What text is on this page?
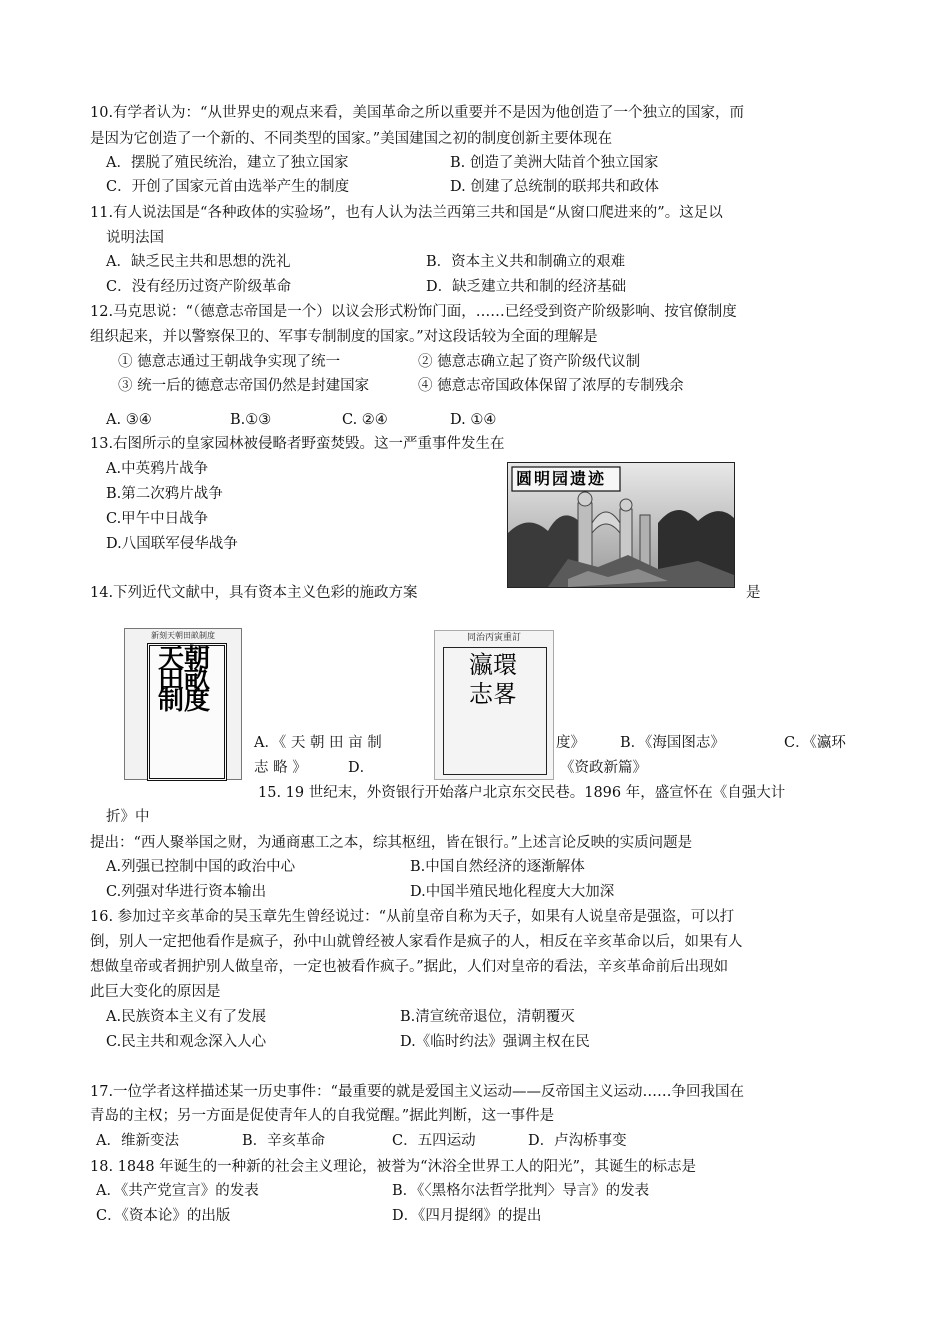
10.有学者认为：“从世界史的观点来看，美国革命之所以重要并不是因为他创造了一个独立的国家，而
是因为它创造了一个新的、不同类型的国家。”美国建国之初的制度创新主要体现在
A．摆脱了殖民统治，建立了独立国家	B. 创造了美洲大陆首个独立国家
C．开创了国家元首由选举产生的制度	D. 创建了总统制的联邦共和政体
11.有人说法国是“各种政体的实验场”，也有人认为法兰西第三共和国是“从窗口爬进来的”。这足以
说明法国
A．缺乏民主共和思想的洗礼	B．资本主义共和制确立的艰难
C．没有经历过资产阶级革命	D．缺乏建立共和制的经济基础
12.马克思说：“（德意志帝国是一个）以议会形式粉饰门面，……已经受到资产阶级影响、按官僚制度
组织起来，并以警察保卫的、军事专制制度的国家。”对这段话较为全面的理解是
① 德意志通过王朝战争实现了统一	② 德意志确立起了资产阶级代议制
③ 统一后的德意志帝国仍然是封建国家	④ 德意志帝国政体保留了浓厚的专制残余
A. ③④	B.①③	C. ②④	D. ①④
13.右图所示的皇家园林被侵略者野蛮焚毁。这一严重事件发生在
A.中英鸦片战争
B.第二次鸦片战争
C.甲午中日战争
D.八国联军侵华战争
圆明园遗迹
14.下列近代文献中，具有资本主义色彩的施政方案	是
新刻天朝田畝制度
天朝田畝制度
同治丙寅重訂
瀛環志畧
A．《 天 朝 田 亩 制	度》 B．《海国图志》	C．《瀛环
志 略 》	D．	《资政新篇》
15. 19 世纪末，外资银行开始落户北京东交民巷。1896 年，盛宣怀在《自强大计
折》中
提出：“西人聚举国之财，为通商惠工之本，综其枢纽，皆在银行。”上述言论反映的实质问题是
A.列强已控制中国的政治中心	B.中国自然经济的逐渐解体
C.列强对华进行资本输出	D.中国半殖民地化程度大大加深
16. 参加过辛亥革命的吴玉章先生曾经说过：“从前皇帝自称为天子，如果有人说皇帝是强盗，可以打
倒，别人一定把他看作是疯子，孙中山就曾经被人家看作是疯子的人，相反在辛亥革命以后，如果有人
想做皇帝或者拥护别人做皇帝，一定也被看作疯子。”据此，人们对皇帝的看法，辛亥革命前后出现如
此巨大变化的原因是
A.民族资本主义有了发展	B.清宣统帝退位，清朝覆灭
C.民主共和观念深入人心	D.《临时约法》强调主权在民
17.一位学者这样描述某一历史事件：“最重要的就是爱国主义运动——反帝国主义运动……争回我国在
青岛的主权；另一方面是促使青年人的自我觉醒。”据此判断，这一事件是
A．维新变法	B．辛亥革命	C．五四运动	D．卢沟桥事变
18. 1848 年诞生的一种新的社会主义理论，被誉为“沐浴全世界工人的阳光”，其诞生的标志是
A．《共产党宣言》的发表	B．《〈黑格尔法哲学批判〉导言》的发表
C．《资本论》的出版	D．《四月提纲》的提出
